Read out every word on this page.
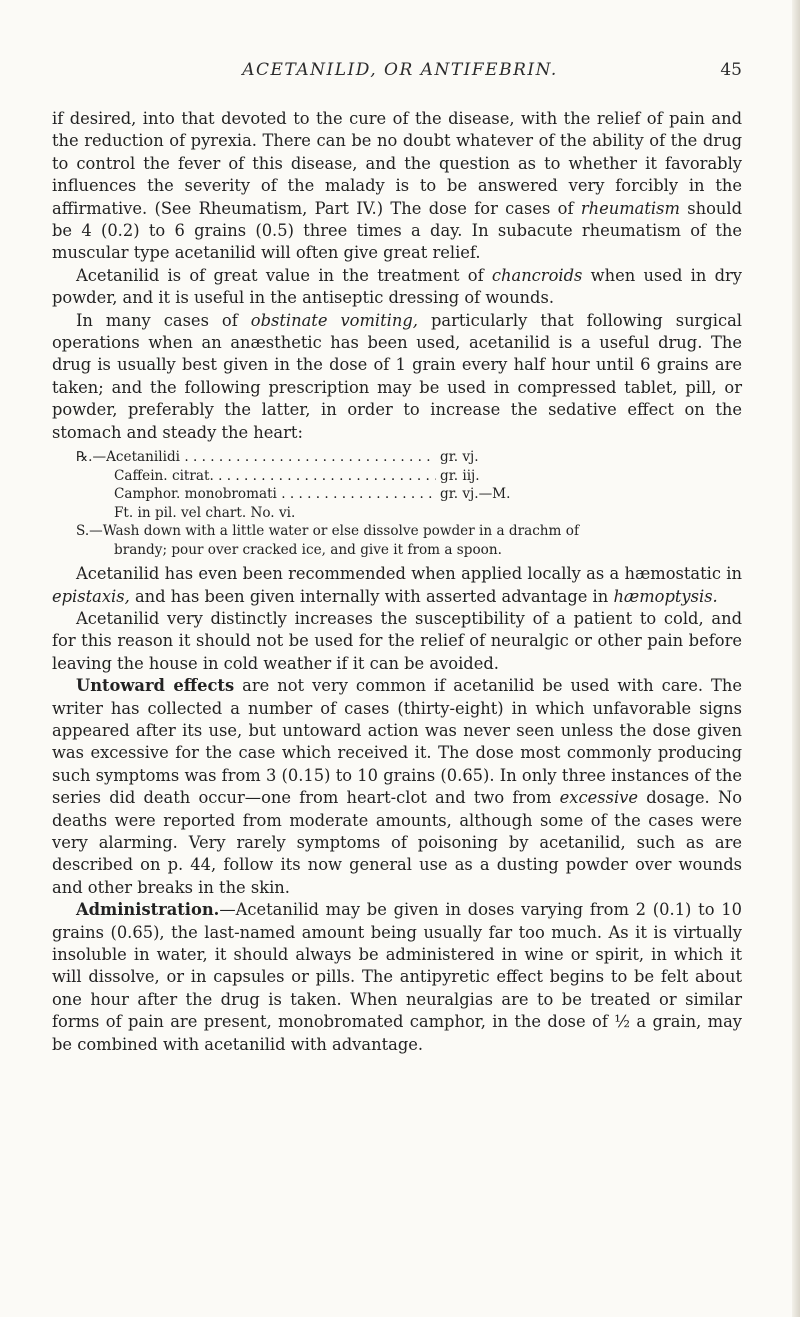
ACETANILID, OR ANTIFEBRIN.	45

if desired, into that devoted to the cure of the disease, with the relief of pain and the reduction of pyrexia. There can be no doubt whatever of the ability of the drug to control the fever of this disease, and the question as to whether it favorably influences the severity of the malady is to be answered very forcibly in the affirmative. (See Rheumatism, Part IV.) The dose for cases of rheumatism should be 4 (0.2) to 6 grains (0.5) three times a day. In subacute rheumatism of the muscular type acetanilid will often give great relief.

Acetanilid is of great value in the treatment of chancroids when used in dry powder, and it is useful in the antiseptic dressing of wounds.

In many cases of obstinate vomiting, particularly that following surgical operations when an anæsthetic has been used, acetanilid is a useful drug. The drug is usually best given in the dose of 1 grain every half hour until 6 grains are taken; and the following prescription may be used in compressed tablet, pill, or powder, preferably the latter, in order to increase the sedative effect on the stomach and steady the heart:

℞.—Acetanilidi . . .	gr. vj.
Caffein. citrat. . . .	gr. iij.
Camphor. monobromati . . .	gr. vj.—M.
Ft. in pil. vel chart. No. vi.
S.—Wash down with a little water or else dissolve powder in a drachm of
brandy; pour over cracked ice, and give it from a spoon.

Acetanilid has even been recommended when applied locally as a hæmostatic in epistaxis, and has been given internally with asserted advantage in hæmoptysis.

Acetanilid very distinctly increases the susceptibility of a patient to cold, and for this reason it should not be used for the relief of neuralgic or other pain before leaving the house in cold weather if it can be avoided.

Untoward effects are not very common if acetanilid be used with care. The writer has collected a number of cases (thirty-eight) in which unfavorable signs appeared after its use, but untoward action was never seen unless the dose given was excessive for the case which received it. The dose most commonly producing such symptoms was from 3 (0.15) to 10 grains (0.65). In only three instances of the series did death occur—one from heart-clot and two from excessive dosage. No deaths were reported from moderate amounts, although some of the cases were very alarming. Very rarely symptoms of poisoning by acetanilid, such as are described on p. 44, follow its now general use as a dusting powder over wounds and other breaks in the skin.

Administration.—Acetanilid may be given in doses varying from 2 (0.1) to 10 grains (0.65), the last-named amount being usually far too much. As it is virtually insoluble in water, it should always be administered in wine or spirit, in which it will dissolve, or in capsules or pills. The antipyretic effect begins to be felt about one hour after the drug is taken. When neuralgias are to be treated or similar forms of pain are present, monobromated camphor, in the dose of ½ a grain, may be combined with acetanilid with advantage.
